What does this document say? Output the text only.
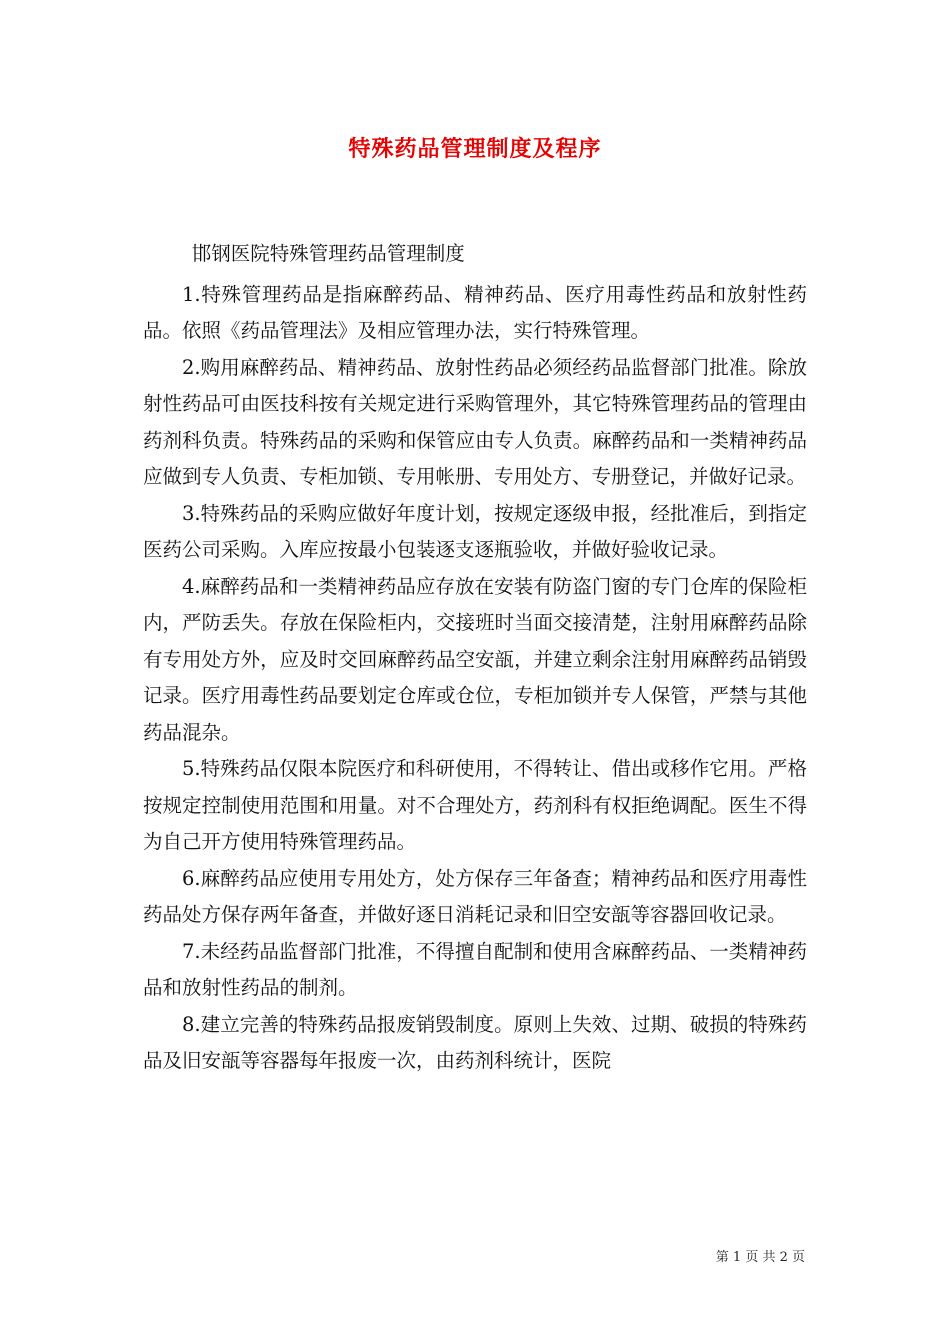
特殊药品管理制度及程序

邯钢医院特殊管理药品管理制度

1.特殊管理药品是指麻醉药品、精神药品、医疗用毒性药品和放射性药品。依照《药品管理法》及相应管理办法，实行特殊管理。

2.购用麻醉药品、精神药品、放射性药品必须经药品监督部门批准。除放射性药品可由医技科按有关规定进行采购管理外，其它特殊管理药品的管理由药剂科负责。特殊药品的采购和保管应由专人负责。麻醉药品和一类精神药品应做到专人负责、专柜加锁、专用帐册、专用处方、专册登记，并做好记录。

3.特殊药品的采购应做好年度计划，按规定逐级申报，经批准后，到指定医药公司采购。入库应按最小包装逐支逐瓶验收，并做好验收记录。

4.麻醉药品和一类精神药品应存放在安装有防盗门窗的专门仓库的保险柜内，严防丢失。存放在保险柜内，交接班时当面交接清楚，注射用麻醉药品除有专用处方外，应及时交回麻醉药品空安瓿，并建立剩余注射用麻醉药品销毁记录。医疗用毒性药品要划定仓库或仓位，专柜加锁并专人保管，严禁与其他药品混杂。

5.特殊药品仅限本院医疗和科研使用，不得转让、借出或移作它用。严格按规定控制使用范围和用量。对不合理处方，药剂科有权拒绝调配。医生不得为自己开方使用特殊管理药品。

6.麻醉药品应使用专用处方，处方保存三年备查；精神药品和医疗用毒性药品处方保存两年备查，并做好逐日消耗记录和旧空安瓿等容器回收记录。

7.未经药品监督部门批准，不得擅自配制和使用含麻醉药品、一类精神药品和放射性药品的制剂。

8.建立完善的特殊药品报废销毁制度。原则上失效、过期、破损的特殊药品及旧安瓿等容器每年报废一次，由药剂科统计，医院

第 1 页 共 2 页
